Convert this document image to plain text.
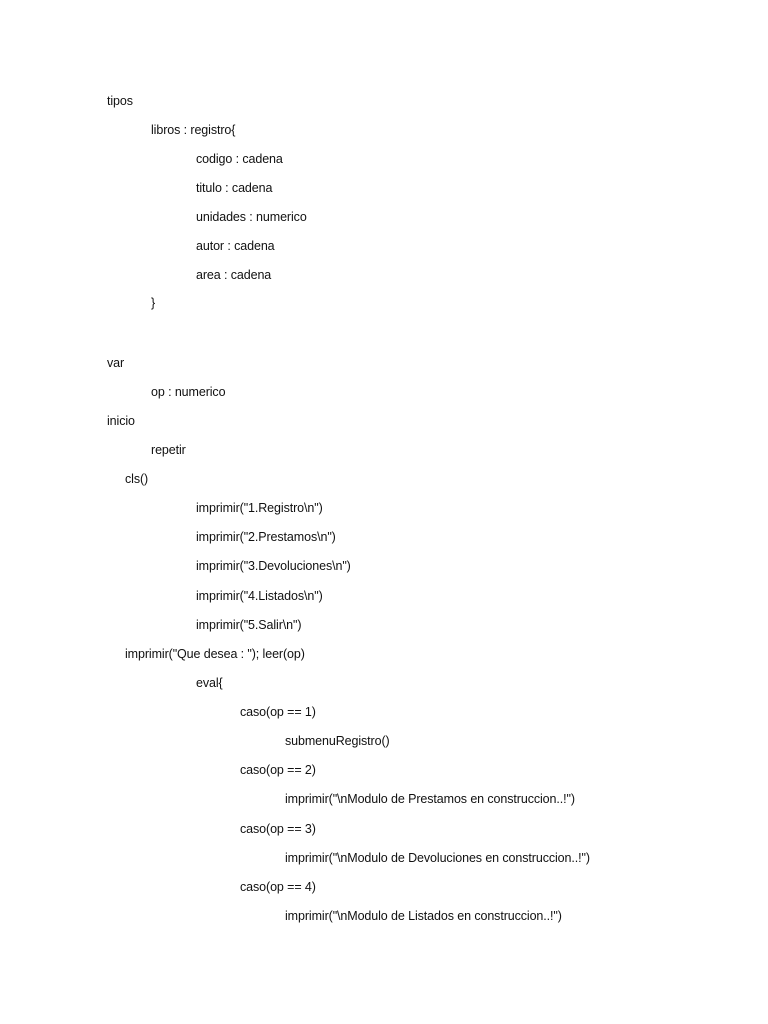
tipos
libros : registro{
codigo : cadena
titulo : cadena
unidades : numerico
autor : cadena
area : cadena
}
var
op : numerico
inicio
repetir
cls()
imprimir("1.Registro\n")
imprimir("2.Prestamos\n")
imprimir("3.Devoluciones\n")
imprimir("4.Listados\n")
imprimir("5.Salir\n")
imprimir("Que desea : "); leer(op)
eval{
caso(op == 1)
submenuRegistro()
caso(op == 2)
imprimir("\nModulo de Prestamos en construccion..!")
caso(op == 3)
imprimir("\nModulo de Devoluciones en construccion..!")
caso(op == 4)
imprimir("\nModulo de Listados en construccion..!")
